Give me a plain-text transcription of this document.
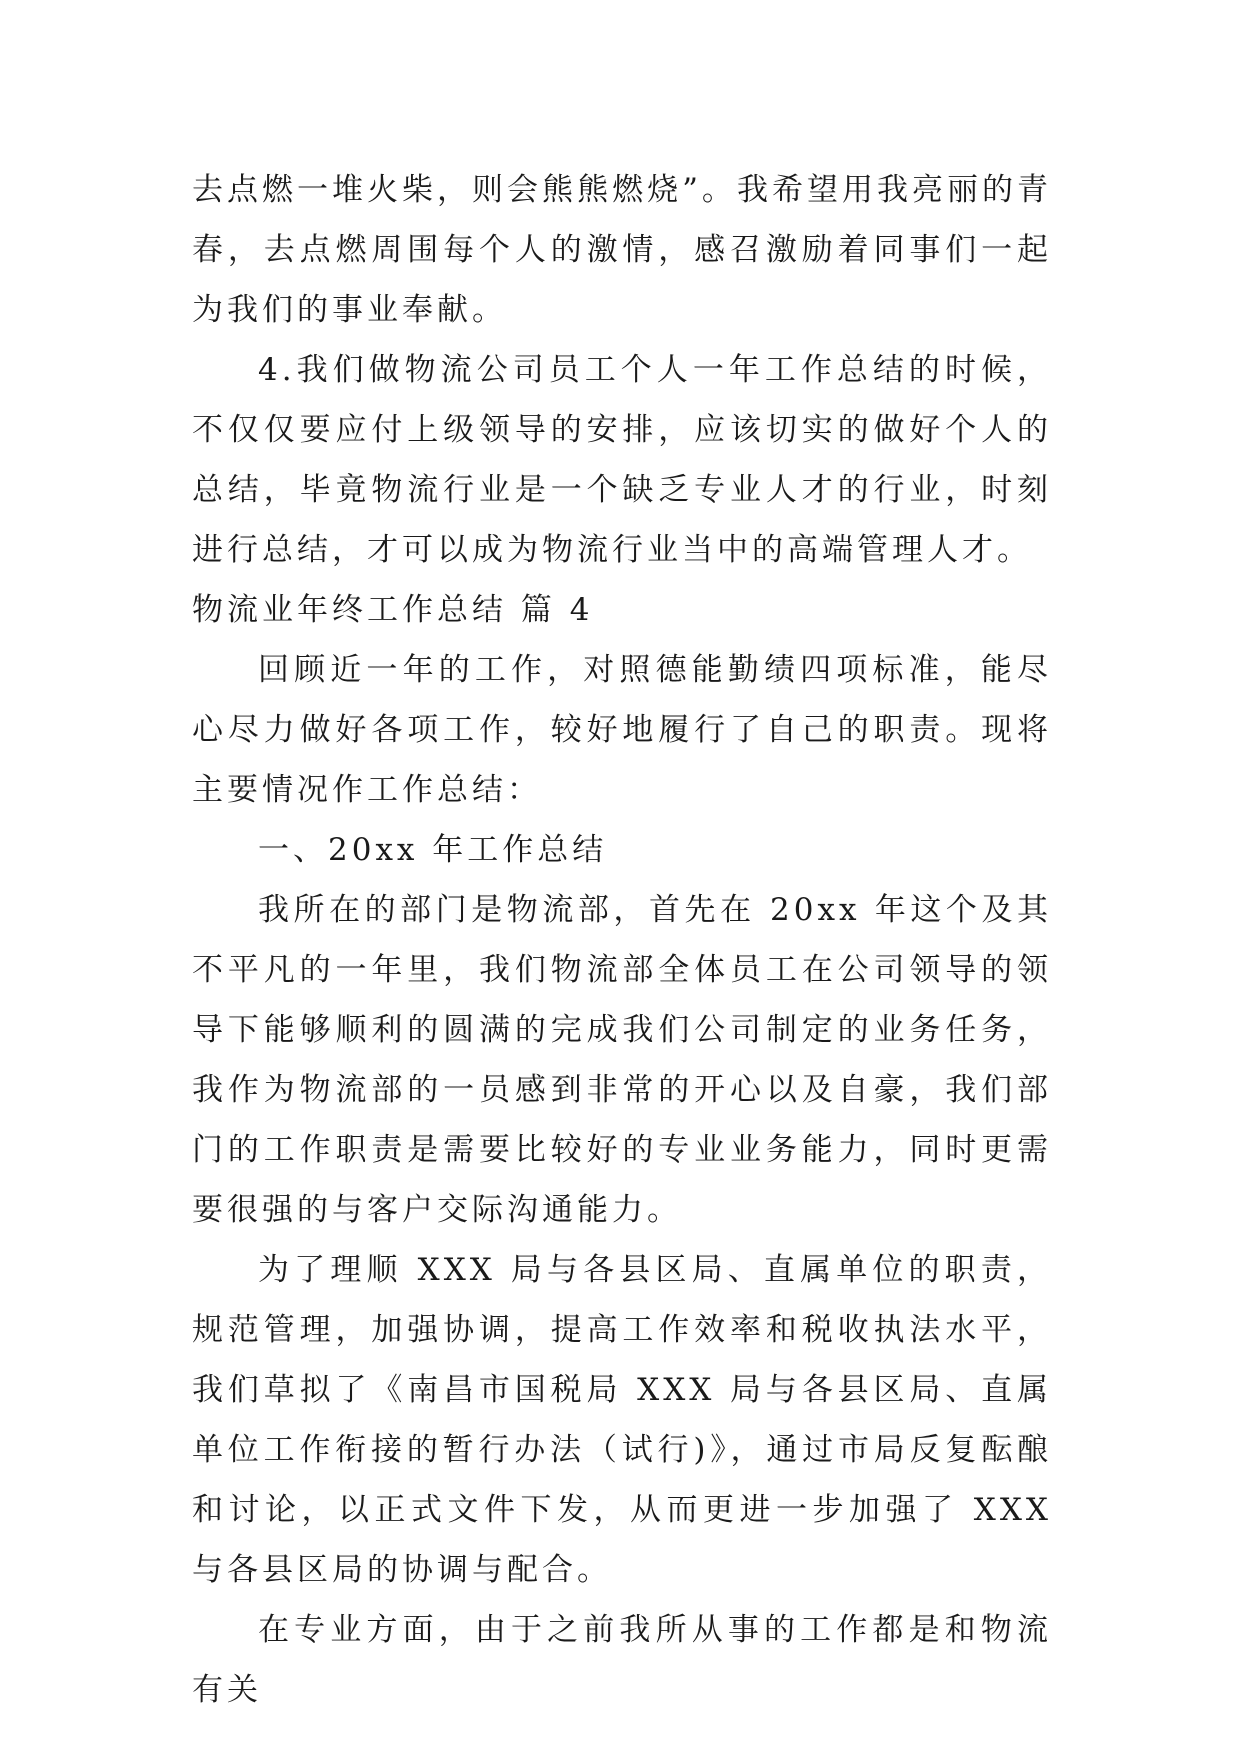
去点燃一堆火柴，则会熊熊燃烧”。我希望用我亮丽的青春，去点燃周围每个人的激情，感召激励着同事们一起为我们的事业奉献。

4.我们做物流公司员工个人一年工作总结的时候，不仅仅要应付上级领导的安排，应该切实的做好个人的总结，毕竟物流行业是一个缺乏专业人才的行业，时刻进行总结，才可以成为物流行业当中的高端管理人才。

物流业年终工作总结 篇 4

回顾近一年的工作，对照德能勤绩四项标准，能尽心尽力做好各项工作，较好地履行了自己的职责。现将主要情况作工作总结：

一、20xx 年工作总结

我所在的部门是物流部，首先在 20xx 年这个及其不平凡的一年里，我们物流部全体员工在公司领导的领导下能够顺利的圆满的完成我们公司制定的业务任务，我作为物流部的一员感到非常的开心以及自豪，我们部门的工作职责是需要比较好的专业业务能力，同时更需要很强的与客户交际沟通能力。

为了理顺 XXX 局与各县区局、直属单位的职责，规范管理，加强协调，提高工作效率和税收执法水平，我们草拟了《南昌市国税局 XXX 局与各县区局、直属单位工作衔接的暂行办法（试行)》，通过市局反复酝酿和讨论，以正式文件下发，从而更进一步加强了 XXX 与各县区局的协调与配合。

在专业方面，由于之前我所从事的工作都是和物流有关
